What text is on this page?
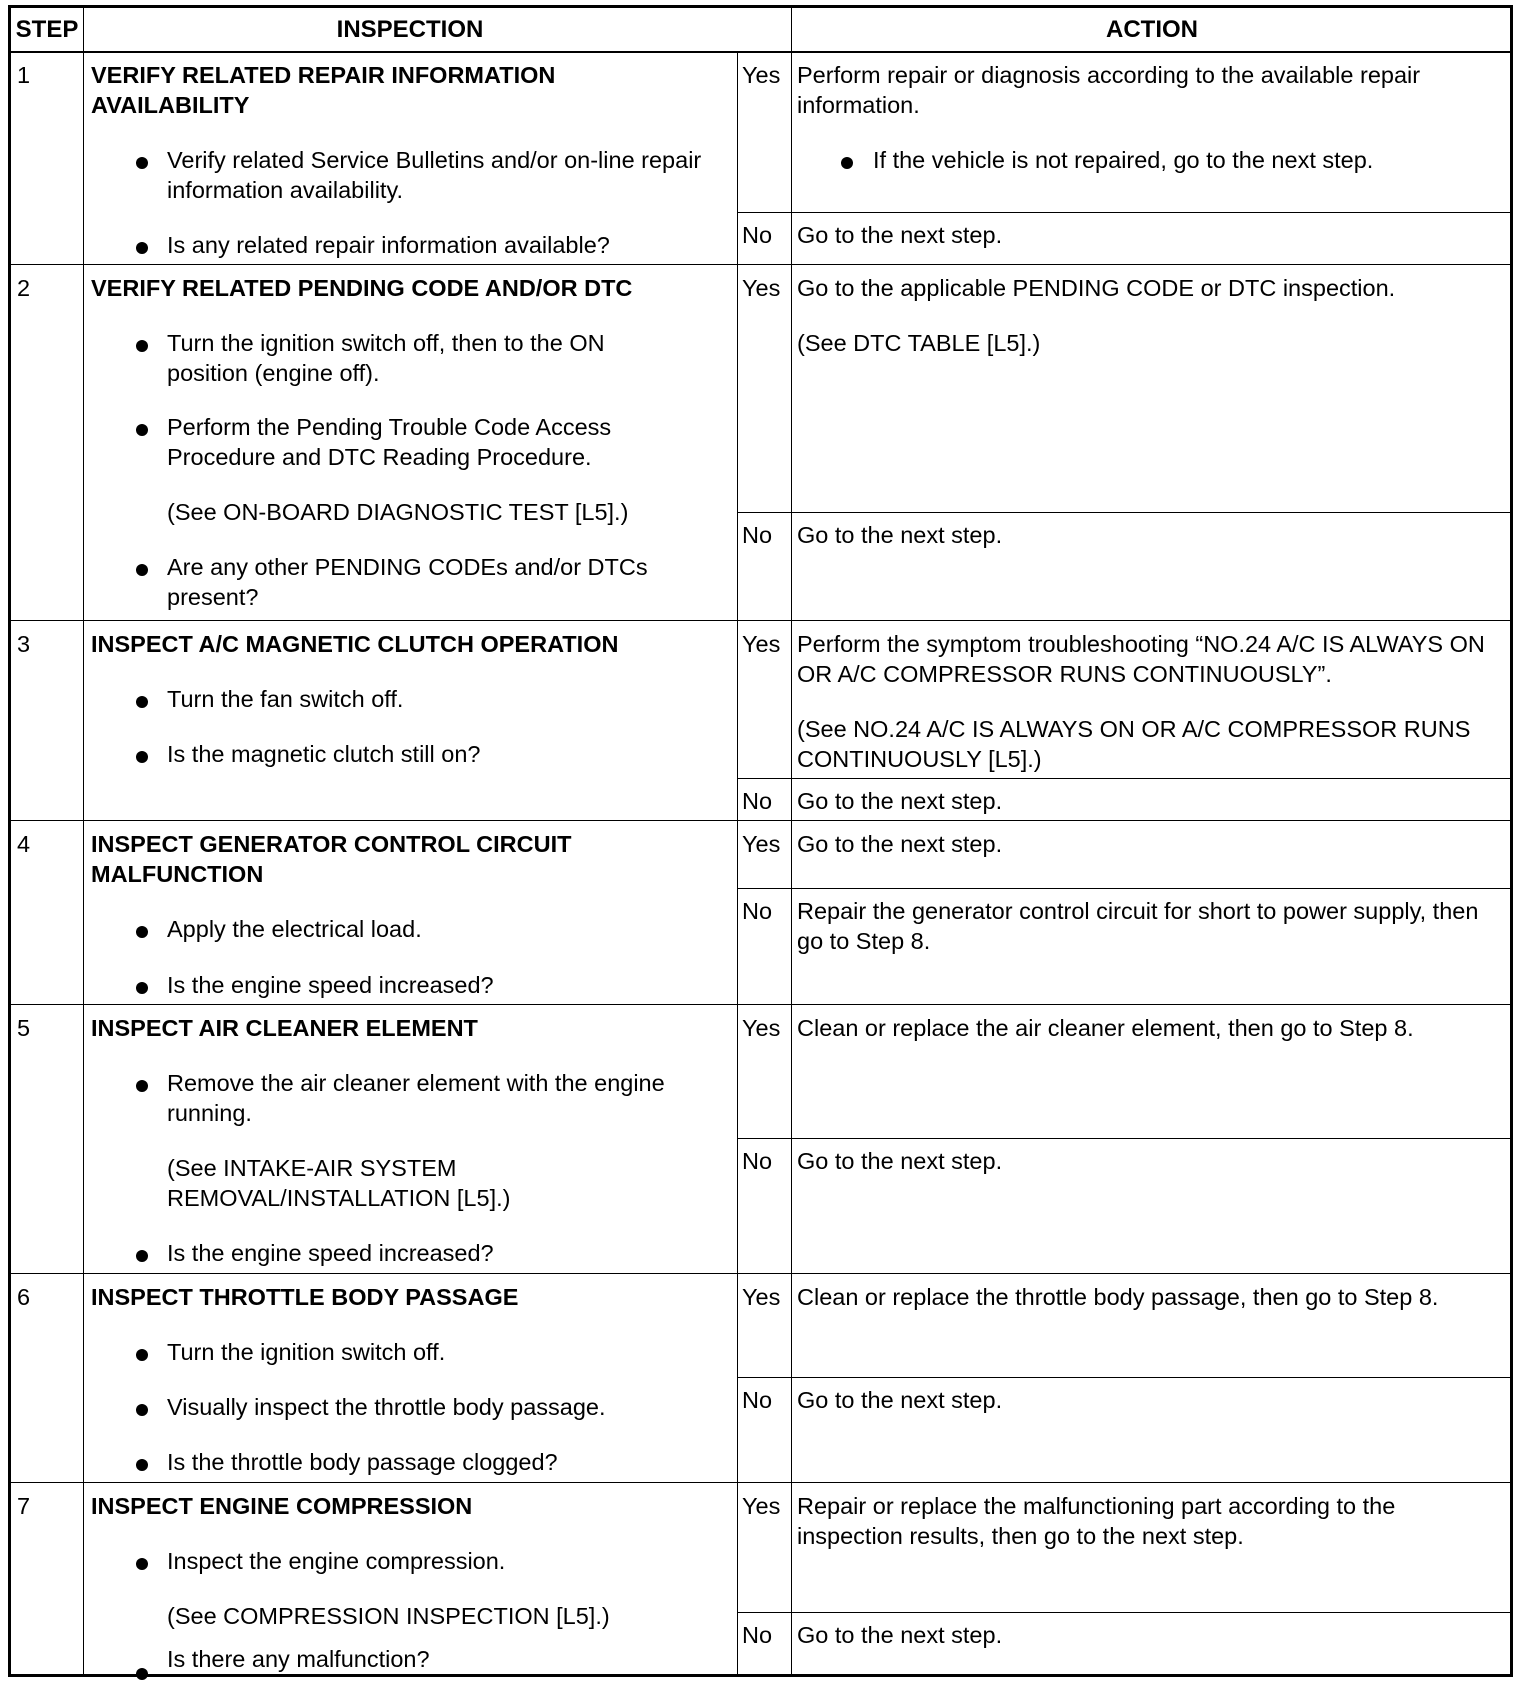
STEP	INSPECTION	ACTION
1	VERIFY RELATED REPAIR INFORMATION AVAILABILITY
Verify related Service Bulletins and/or on-line repair information availability.
Is any related repair information available?
Yes Perform repair or diagnosis according to the available repair information.
If the vehicle is not repaired, go to the next step.
No Go to the next step.
2	VERIFY RELATED PENDING CODE AND/OR DTC
Turn the ignition switch off, then to the ON position (engine off).
Perform the Pending Trouble Code Access Procedure and DTC Reading Procedure.
(See ON-BOARD DIAGNOSTIC TEST [L5].)
Are any other PENDING CODEs and/or DTCs present?
Yes Go to the applicable PENDING CODE or DTC inspection.
(See DTC TABLE [L5].)
No Go to the next step.
3	INSPECT A/C MAGNETIC CLUTCH OPERATION
Turn the fan switch off.
Is the magnetic clutch still on?
Yes Perform the symptom troubleshooting “NO.24 A/C IS ALWAYS ON OR A/C COMPRESSOR RUNS CONTINUOUSLY”.
(See NO.24 A/C IS ALWAYS ON OR A/C COMPRESSOR RUNS CONTINUOUSLY [L5].)
No Go to the next step.
4	INSPECT GENERATOR CONTROL CIRCUIT MALFUNCTION
Apply the electrical load.
Is the engine speed increased?
Yes Go to the next step.
No Repair the generator control circuit for short to power supply, then go to Step 8.
5	INSPECT AIR CLEANER ELEMENT
Remove the air cleaner element with the engine running.
(See INTAKE-AIR SYSTEM REMOVAL/INSTALLATION [L5].)
Is the engine speed increased?
Yes Clean or replace the air cleaner element, then go to Step 8.
No Go to the next step.
6	INSPECT THROTTLE BODY PASSAGE
Turn the ignition switch off.
Visually inspect the throttle body passage.
Is the throttle body passage clogged?
Yes Clean or replace the throttle body passage, then go to Step 8.
No Go to the next step.
7	INSPECT ENGINE COMPRESSION
Inspect the engine compression.
(See COMPRESSION INSPECTION [L5].)
Is there any malfunction?
Yes Repair or replace the malfunctioning part according to the inspection results, then go to the next step.
No Go to the next step.
